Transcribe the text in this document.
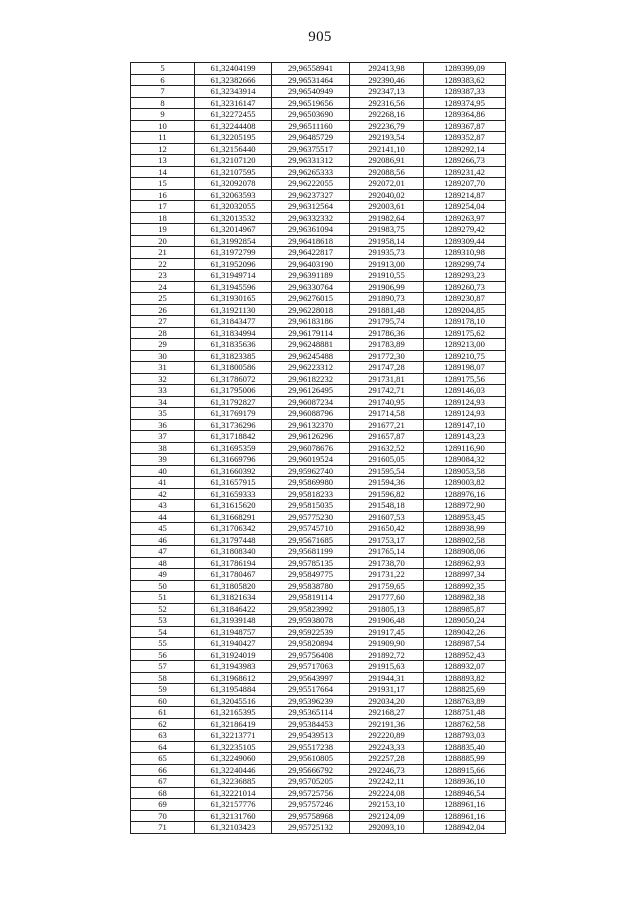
905
5	61,32404199	29,96558941	292413,98	1289399,09
6	61,32382666	29,96531464	292390,46	1289383,62
7	61,32343914	29,96540949	292347,13	1289387,33
8	61,32316147	29,96519656	292316,56	1289374,95
9	61,32272455	29,96503690	292268,16	1289364,86
10	61,32244408	29,96511160	292236,79	1289367,87
11	61,32205195	29,96485729	292193,54	1289352,87
12	61,32156440	29,96375517	292141,10	1289292,14
13	61,32107120	29,96331312	292086,91	1289266,73
14	61,32107595	29,96265333	292088,56	1289231,42
15	61,32092078	29,96222055	292072,01	1289207,70
16	61,32063593	29,96237327	292040,02	1289214,87
17	61,32032055	29,96312564	292003,61	1289254,04
18	61,32013532	29,96332332	291982,64	1289263,97
19	61,32014967	29,96361094	291983,75	1289279,42
20	61,31992854	29,96418618	291958,14	1289309,44
21	61,31972799	29,96422817	291935,73	1289310,98
22	61,31952096	29,96403190	291913,00	1289299,74
23	61,31949714	29,96391189	291910,55	1289293,23
24	61,31945596	29,96330764	291906,99	1289260,73
25	61,31930165	29,96276015	291890,73	1289230,87
26	61,31921130	29,96228018	291881,48	1289204,85
27	61,31843477	29,96183186	291795,74	1289178,10
28	61,31834994	29,96179114	291786,36	1289175,62
29	61,31835636	29,96248881	291783,89	1289213,00
30	61,31823385	29,96245488	291772,30	1289210,75
31	61,31800586	29,96223312	291747,28	1289198,07
32	61,31786072	29,96182232	291731,81	1289175,56
33	61,31795006	29,96126495	291742,71	1289146,03
34	61,31792827	29,96087234	291740,95	1289124,93
35	61,31769179	29,96088796	291714,58	1289124,93
36	61,31736296	29,96132370	291677,21	1289147,10
37	61,31718842	29,96126296	291657,87	1289143,23
38	61,31695359	29,96078676	291632,52	1289116,90
39	61,31669796	29,96019524	291605,05	1289084,32
40	61,31660392	29,95962740	291595,54	1289053,58
41	61,31657915	29,95869980	291594,36	1289003,82
42	61,31659333	29,95818233	291596,82	1288976,16
43	61,31615620	29,95815035	291548,18	1288972,90
44	61,31668291	29,95775230	291607,53	1288953,45
45	61,31706342	29,95745710	291650,42	1288938,99
46	61,31797448	29,95671685	291753,17	1288902,58
47	61,31808340	29,95681199	291765,14	1288908,06
48	61,31786194	29,95785135	291738,70	1288962,93
49	61,31780467	29,95849775	291731,22	1288997,34
50	61,31805820	29,95838780	291759,65	1288992,35
51	61,31821634	29,95819114	291777,60	1288982,38
52	61,31846422	29,95823992	291805,13	1288985,87
53	61,31939148	29,95938078	291906,48	1289050,24
54	61,31948757	29,95922539	291917,45	1289042,26
55	61,31940427	29,95820894	291909,90	1288987,54
56	61,31924019	29,95756408	291892,72	1288952,43
57	61,31943983	29,95717063	291915,63	1288932,07
58	61,31968612	29,95643997	291944,31	1288893,82
59	61,31954884	29,95517664	291931,17	1288825,69
60	61,32045516	29,95396239	292034,20	1288763,89
61	61,32165395	29,95365114	292168,27	1288751,48
62	61,32186419	29,95384453	292191,36	1288762,58
63	61,32213771	29,95439513	292220,89	1288793,03
64	61,32235105	29,95517238	292243,33	1288835,40
65	61,32249060	29,95610805	292257,28	1288885,99
66	61,32240446	29,95666792	292246,73	1288915,66
67	61,32236885	29,95705205	292242,11	1288936,10
68	61,32221014	29,95725756	292224,08	1288946,54
69	61,32157776	29,95757246	292153,10	1288961,16
70	61,32131760	29,95758968	292124,09	1288961,16
71	61,32103423	29,95725132	292093,10	1288942,04
